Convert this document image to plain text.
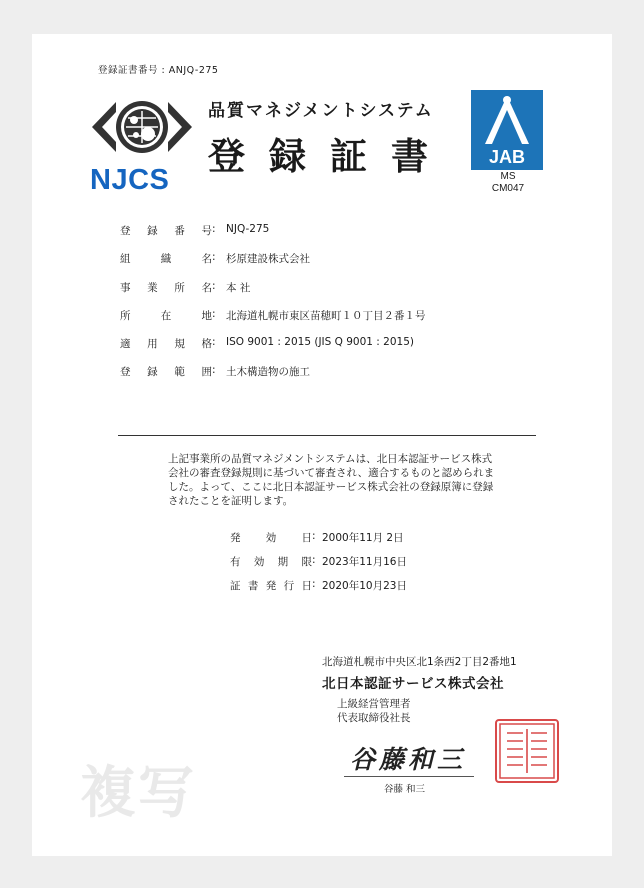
複写
登録証書番号 : ANJQ-275
NJCS
品質マネジメントシステム
登録証書 JAB
MS
CM047
登 録 番 号 : NJQ-275
組	織	名 : 杉原建設株式会社
事 業 所 名 : 本 社
所	在	地 : 北海道札幌市東区苗穂町１０丁目２番１号
適 用 規 格 : ISO 9001 : 2015 (JIS Q 9001 : 2015)
登 録 範 囲 : 土木構造物の施工
上記事業所の品質マネジメントシステムは、北日本認証サービス株式会社の審査登録規則に基づいて審査され、適合するものと認められました。よって、ここに北日本認証サービス株式会社の登録原簿に登録されたことを証明します。
発 効 日 : 2000年11月 2日
有 効 期 限 : 2023年11月16日
証 書 発 行 日 : 2020年10月23日
北海道札幌市中央区北1条西2丁目2番地1
北日本認証サービス株式会社
上級経営管理者
代表取締役社長
谷藤和三
谷藤 和三
